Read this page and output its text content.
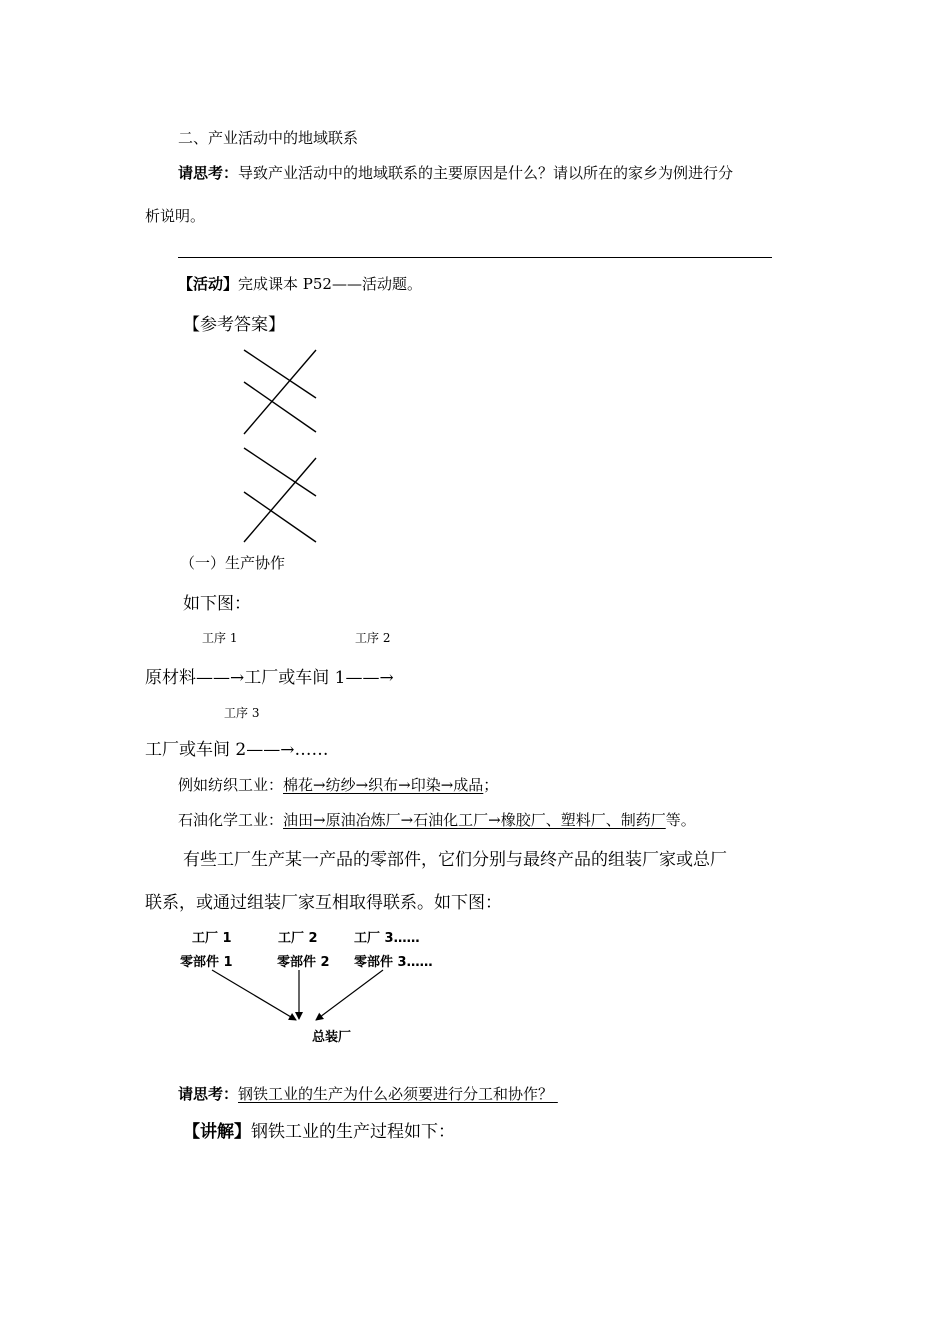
二、产业活动中的地域联系
请思考：导致产业活动中的地域联系的主要原因是什么？请以所在的家乡为例进行分
析说明。
【活动】完成课本 P52——活动题。
【参考答案】
（一）生产协作
如下图：
工序 1	工序 2
原材料——→工厂或车间 1——→
工序 3
工厂或车间 2——→……
例如纺织工业：棉花→纺纱→织布→印染→成品；
石油化学工业：油田→原油冶炼厂→石油化工厂→橡胶厂、塑料厂、制药厂等。
有些工厂生产某一产品的零部件，它们分别与最终产品的组装厂家或总厂
联系，或通过组装厂家互相取得联系。如下图：
工厂 1	工厂 2	工厂 3……
零部件 1	零部件 2 零部件 3……
总装厂
请思考：钢铁工业的生产为什么必须要进行分工和协作？
【讲解】钢铁工业的生产过程如下：
